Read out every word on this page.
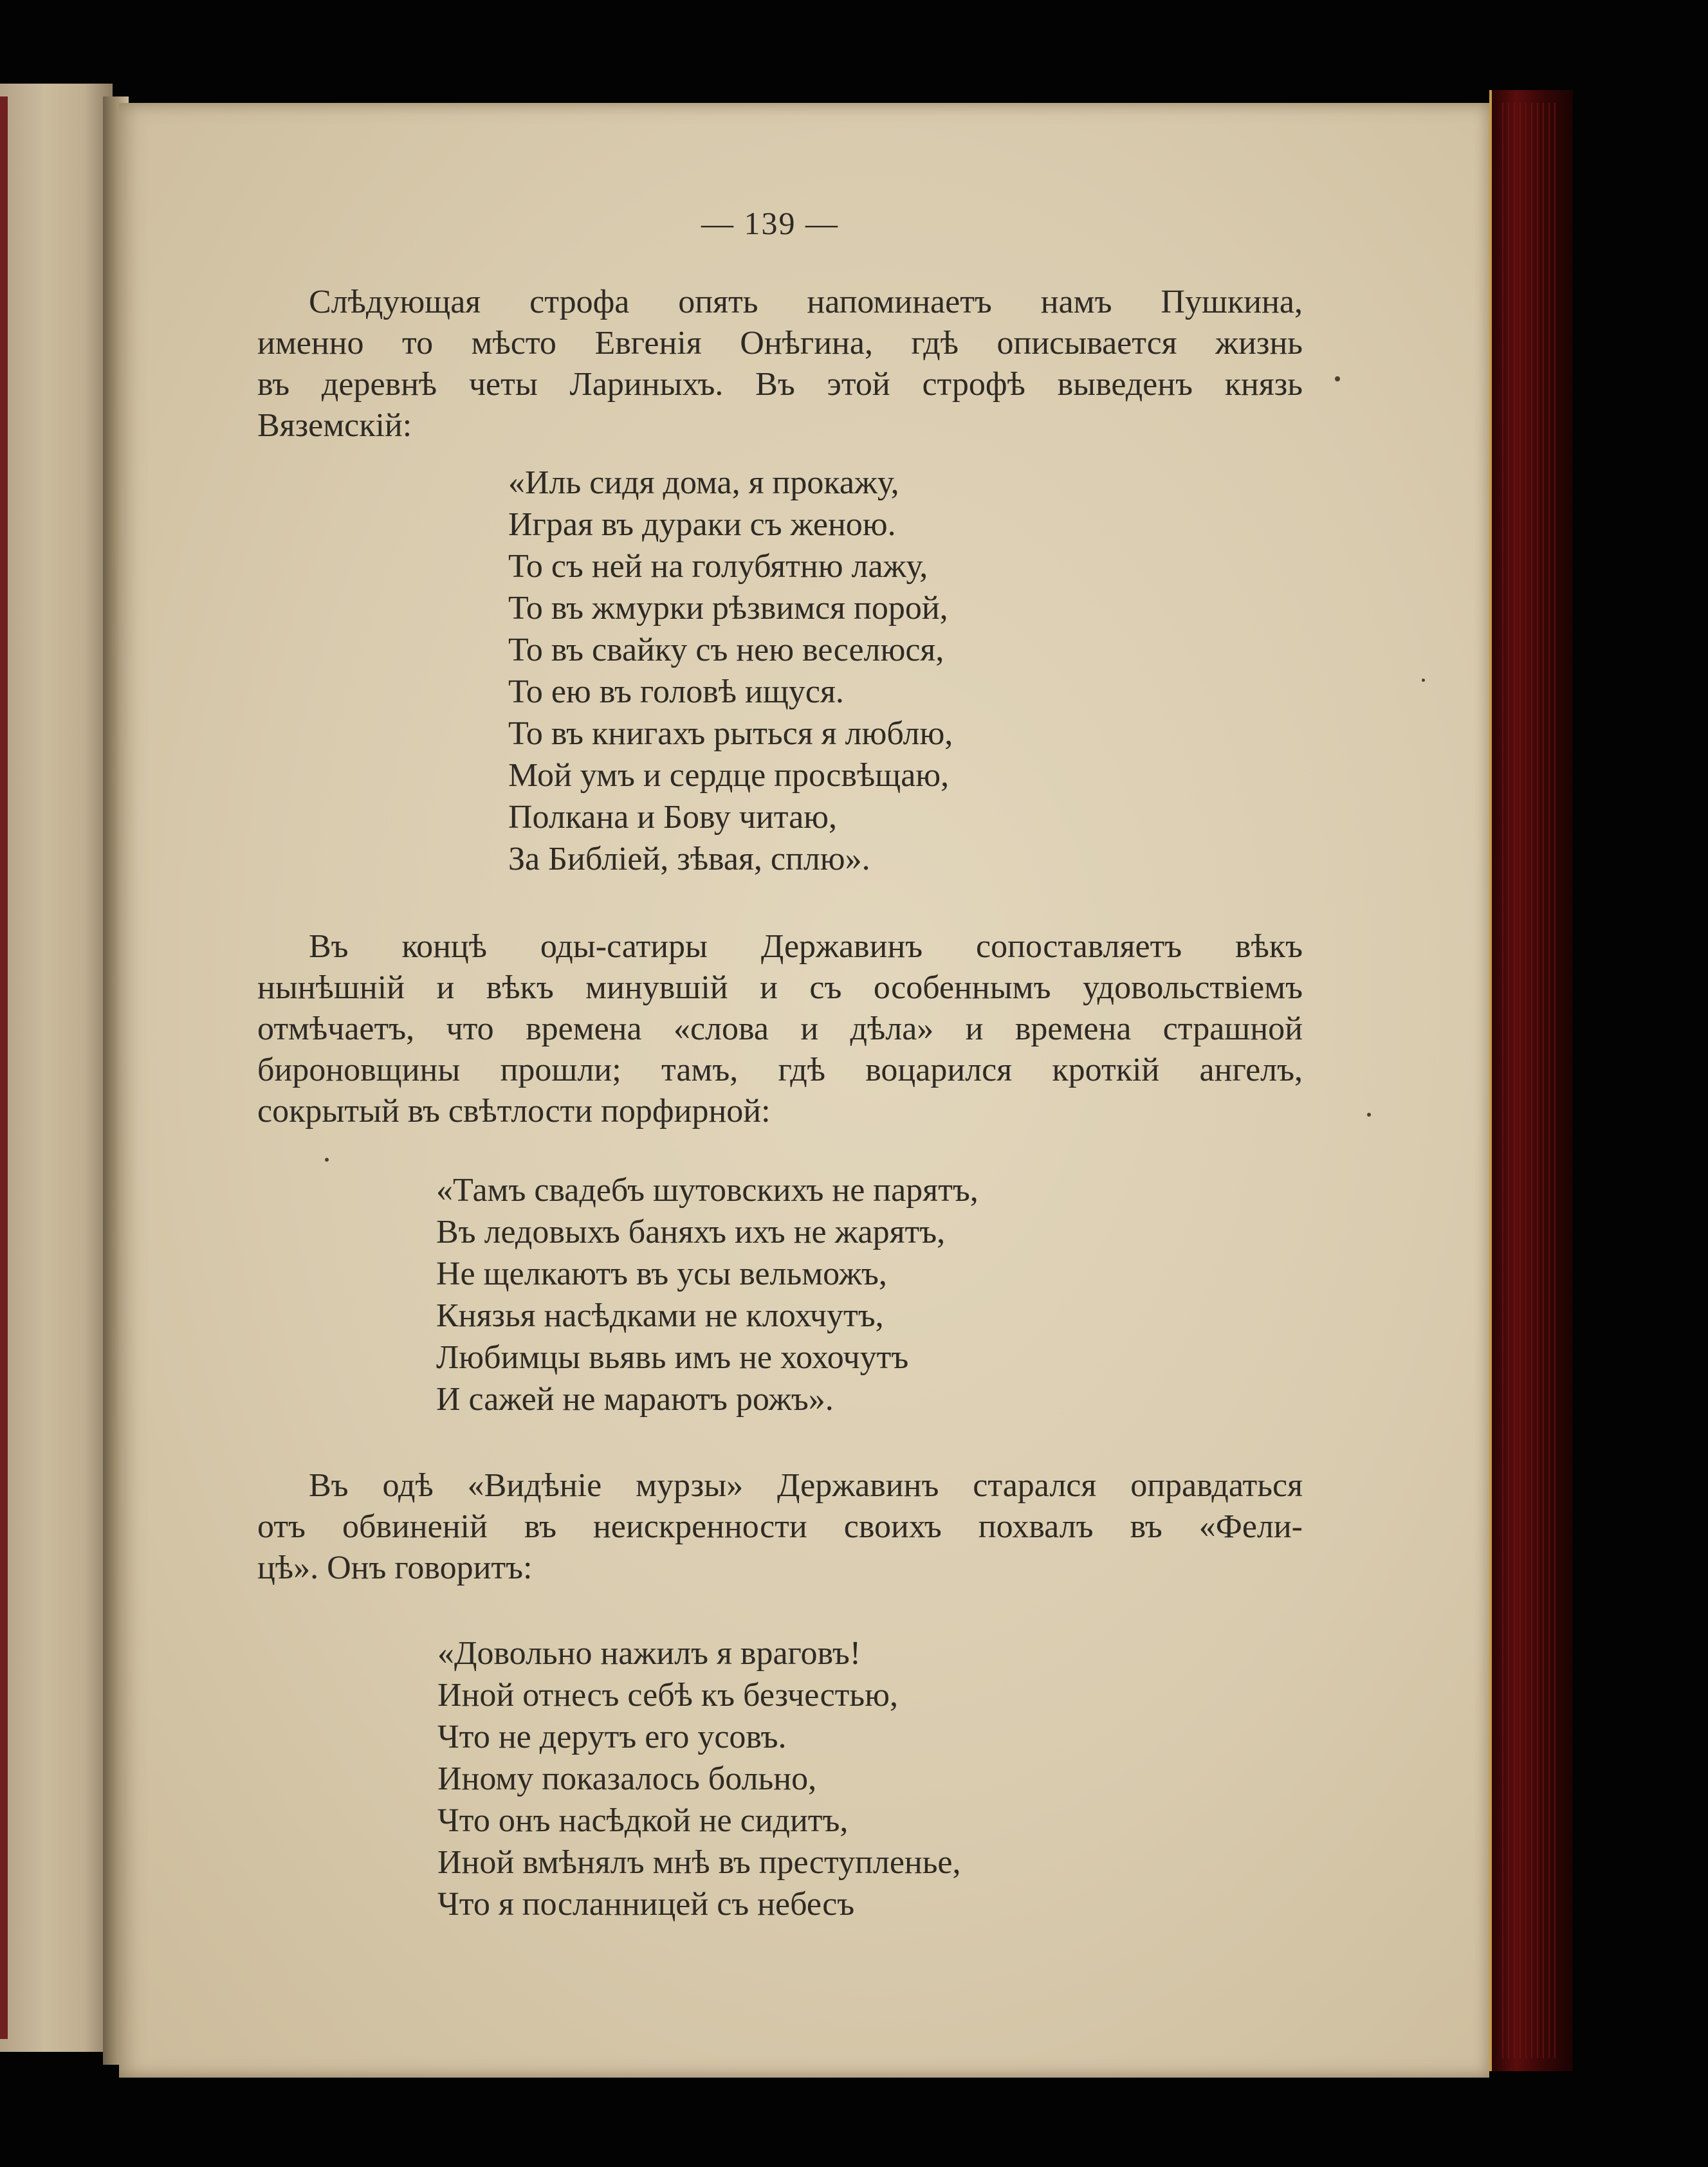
— 139 —
Слѣдующая строфа опять напоминаетъ намъ Пушкина,
именно то мѣсто Евгенія Онѣгина, гдѣ описывается жизнь
въ деревнѣ четы Лариныхъ. Въ этой строфѣ выведенъ князь
Вяземскій:
«Иль сидя дома, я прокажу,
Играя въ дураки съ женою.
То съ ней на голубятню лажу,
То въ жмурки рѣзвимся порой,
То въ свайку съ нею веселюся,
То ею въ головѣ ищуся.
То въ книгахъ рыться я люблю,
Мой умъ и сердце просвѣщаю,
Полкана и Бову читаю,
За Библіей, зѣвая, сплю».
Въ концѣ оды-сатиры Державинъ сопоставляетъ вѣкъ
нынѣшній и вѣкъ минувшій и съ особеннымъ удовольствіемъ
отмѣчаетъ, что времена «слова и дѣла» и времена страшной
бироновщины прошли; тамъ, гдѣ воцарился кроткій ангелъ,
сокрытый въ свѣтлости порфирной:
«Тамъ свадебъ шутовскихъ не парятъ,
Въ ледовыхъ баняхъ ихъ не жарятъ,
Не щелкаютъ въ усы вельможъ,
Князья насѣдками не клохчутъ,
Любимцы вьявь имъ не хохочутъ
И сажей не мараютъ рожъ».
Въ одѣ «Видѣніе мурзы» Державинъ старался оправдаться
отъ обвиненій въ неискренности своихъ похвалъ въ «Фели-
цѣ». Онъ говоритъ:
«Довольно нажилъ я враговъ!
Иной отнесъ себѣ къ безчестью,
Что не дерутъ его усовъ.
Иному показалось больно,
Что онъ насѣдкой не сидитъ,
Иной вмѣнялъ мнѣ въ преступленье,
Что я посланницей съ небесъ
